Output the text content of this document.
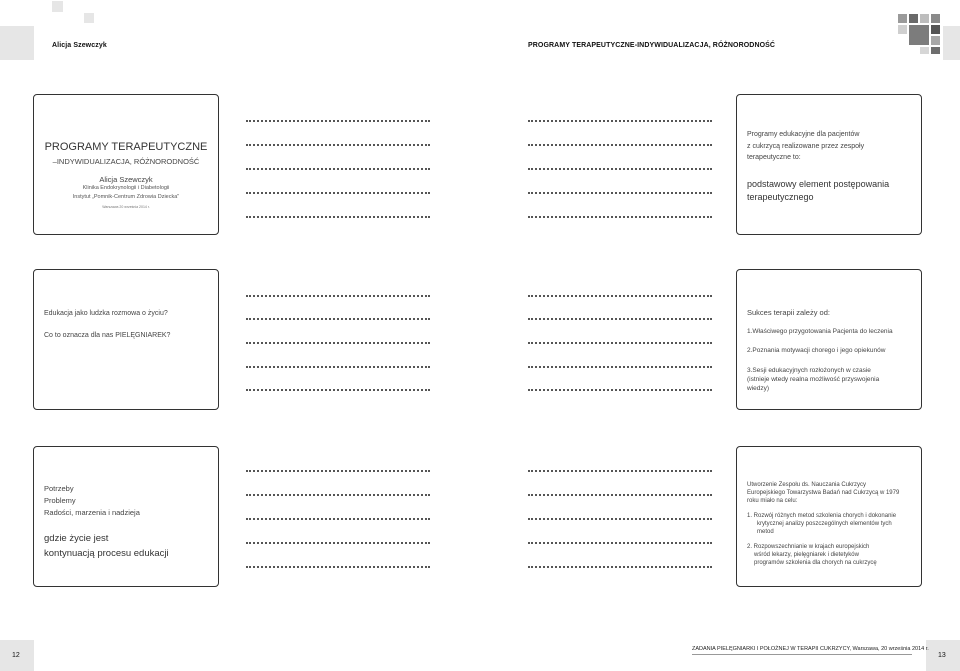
Alicja Szewczyk	PROGRAMY TERAPEUTYCZNE-INDYWIDUALIZACJA, RÓŻNORODNOŚĆ
PROGRAMY TERAPEUTYCZNE
–INDYWIDUALIZACJA, RÓŻNORODNOŚĆ
Alicja Szewczyk
Klinika Endokrynologii i Diabetologii
Instytut „Pomnik-Centrum Zdrowia Dziecka"
Warszawa 20 września 2014 r.
Programy edukacyjne dla pacjentów
z cukrzycą realizowane przez zespoły
terapeutyczne to:
podstawowy element postępowania
terapeutycznego
Edukacja jako ludzka rozmowa o życiu?
Co to oznacza dla nas PIELĘGNIAREK?
Sukces terapii zależy od:
1.Właściwego przygotowania Pacjenta do leczenia
2.Poznania motywacji chorego i jego opiekunów
3.Sesji edukacyjnych rozłożonych w czasie
(istnieje wtedy realna możliwość przyswojenia
wiedzy)
Potrzeby
Problemy
Radości, marzenia i nadzieja
gdzie życie jest
kontynuacją procesu edukacji
Utworzenie Zespołu ds. Nauczania Cukrzycy
Europejskiego Towarzystwa Badań nad Cukrzycą w 1979
roku miało na celu:
1. Rozwój różnych metod szkolenia chorych i dokonanie
krytycznej analizy poszczególnych elementów tych
metod
2. Rozpowszechnianie w krajach europejskich
wśród lekarzy, pielęgniarek i dietetyków
programów szkolenia dla chorych na cukrzycę
12	13
ZADANIA PIELĘGNIARKI I POŁOŻNEJ W TERAPII CUKRZYCY, Warszawa, 20 września 2014 r.
